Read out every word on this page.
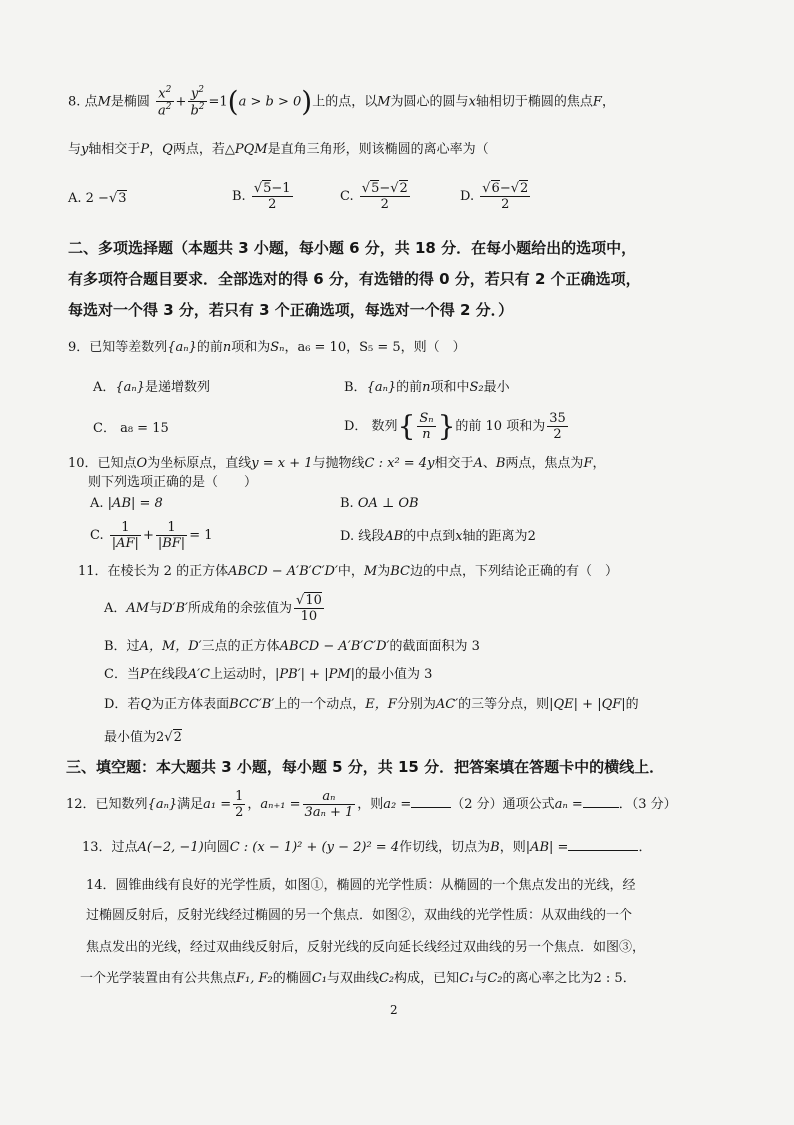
8. 点M是椭圆 $\frac{x^2}{a^2} + \frac{y^2}{b^2} =1(a > b > 0)$上的点，以M为圆心的圆与x轴相切于椭圆的焦点F，
与y轴相交于P，Q两点，若△PQM是直角三角形，则该椭圆的离心率为（
A. 2 −√3	B. $\frac{√5-1}{2}$	C. $\frac{√5-√2}{2}$	D. $\frac{√6-√2}{2}$
二、多项选择题（本题共 3 小题，每小题 6 分，共 18 分．在每小题给出的选项中，
有多项符合题目要求．全部选对的得 6 分，有选错的得 0 分，若只有 2 个正确选项，
每选对一个得 3 分，若只有 3 个正确选项，每选对一个得 2 分．）
9．已知等差数列{aₙ}的前n项和为Sₙ，a₆ = 10，S₅ = 5，则（　）
A．{aₙ}是递增数列	B．{aₙ}的前n项和中S₂最小
C． a₈ = 15	D． 数列{ $\frac{\text{Sₙ}}{n}$ }的前 10 项和为 $\frac{35}{2}$
10．已知点O为坐标原点，直线y = x + 1与抛物线C : x² = 4y相交于A、B两点，焦点为F，
则下列选项正确的是（　　）
A. |AB| = 8	B. OA ⊥ OB
C. $\frac{1}{|AF|} + \frac{1}{|BF|} = 1$	D. 线段AB的中点到x轴的距离为2
11．在棱长为 2 的正方体ABCD − A′B′C′D′中，M为BC边的中点，下列结论正确的有（　）
A．AM与D′B′所成角的余弦值为 $\frac{√10}{10}$
B．过A，M，D′三点的正方体ABCD − A′B′C′D′的截面面积为 3
C．当P在线段A′C上运动时，|PB′| + |PM|的最小值为 3
D．若Q为正方体表面BCC′B′上的一个动点，E，F分别为AC′的三等分点，则|QE| + |QF|的
最小值为2√2
三、填空题：本大题共 3 小题，每小题 5 分，共 15 分．把答案填在答题卡中的横线上．
12．已知数列{aₙ}满足$a_1 = \frac{1}{2}$ ，$a_{n+1} = \frac{\text{aₙ}}{\text{3aₙ + 1}}$ ，则a₂ =	（2 分）通项公式aₙ =	．（3 分）
13．过点A(−2, −1)向圆C : (x − 1)² + (y − 2)² = 4作切线，切点为B，则|AB| =	．
14．圆锥曲线有良好的光学性质，如图①，椭圆的光学性质：从椭圆的一个焦点发出的光线，经
过椭圆反射后，反射光线经过椭圆的另一个焦点．如图②，双曲线的光学性质：从双曲线的一个
焦点发出的光线，经过双曲线反射后，反射光线的反向延长线经过双曲线的另一个焦点．如图③，
一个光学装置由有公共焦点F₁, F₂的椭圆C₁与双曲线C₂构成，已知C₁与C₂的离心率之比为2 : 5．
2
